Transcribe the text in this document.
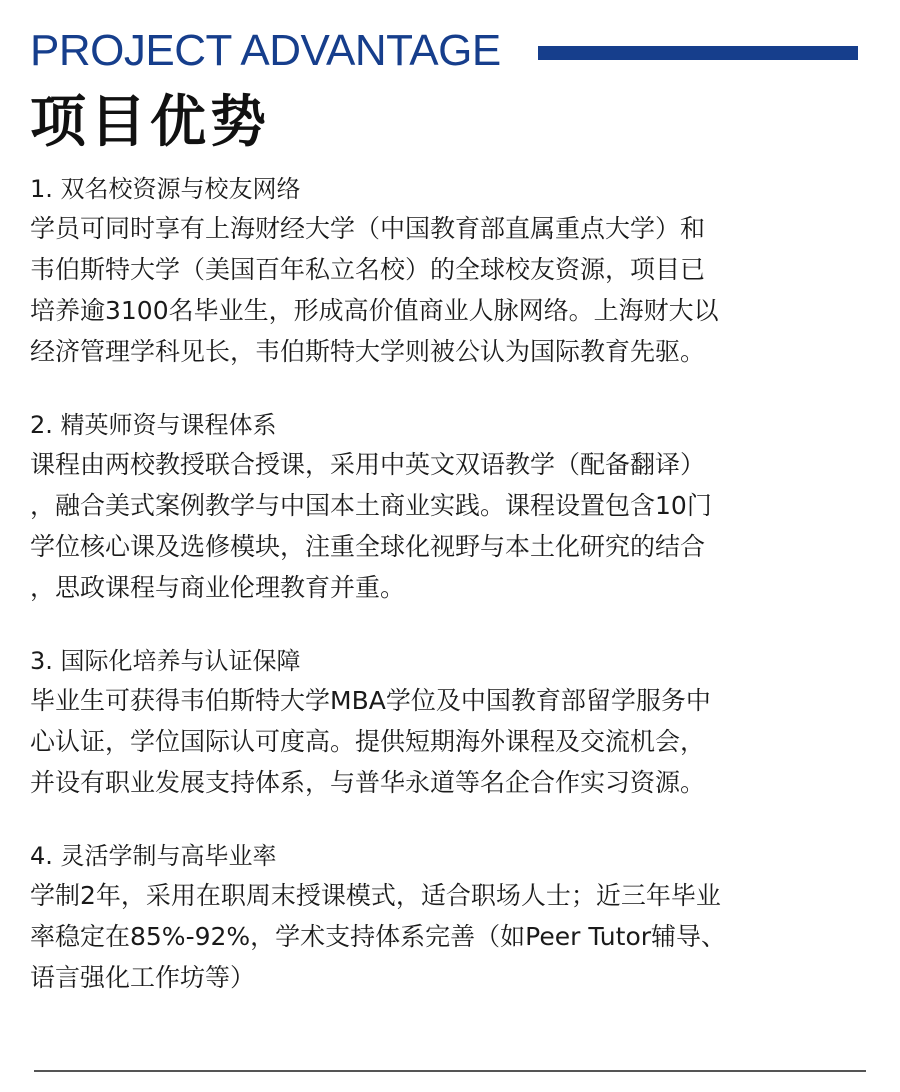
PROJECT ADVANTAGE
项目优势
1. 双名校资源与校友网络
学员可同时享有上海财经大学（中国教育部直属重点大学）和
韦伯斯特大学（美国百年私立名校）的全球校友资源，项目已
培养逾3100名毕业生，形成高价值商业人脉网络。上海财大以
经济管理学科见长，韦伯斯特大学则被公认为国际教育先驱。
2. 精英师资与课程体系
课程由两校教授联合授课，采用中英文双语教学（配备翻译）
，融合美式案例教学与中国本土商业实践。课程设置包含10门
学位核心课及选修模块，注重全球化视野与本土化研究的结合
，思政课程与商业伦理教育并重。
3. 国际化培养与认证保障
毕业生可获得韦伯斯特大学MBA学位及中国教育部留学服务中
心认证，学位国际认可度高。提供短期海外课程及交流机会，
并设有职业发展支持体系，与普华永道等名企合作实习资源。
4. 灵活学制与高毕业率
学制2年，采用在职周末授课模式，适合职场人士；近三年毕业
率稳定在85%-92%，学术支持体系完善（如Peer Tutor辅导、
语言强化工作坊等）
